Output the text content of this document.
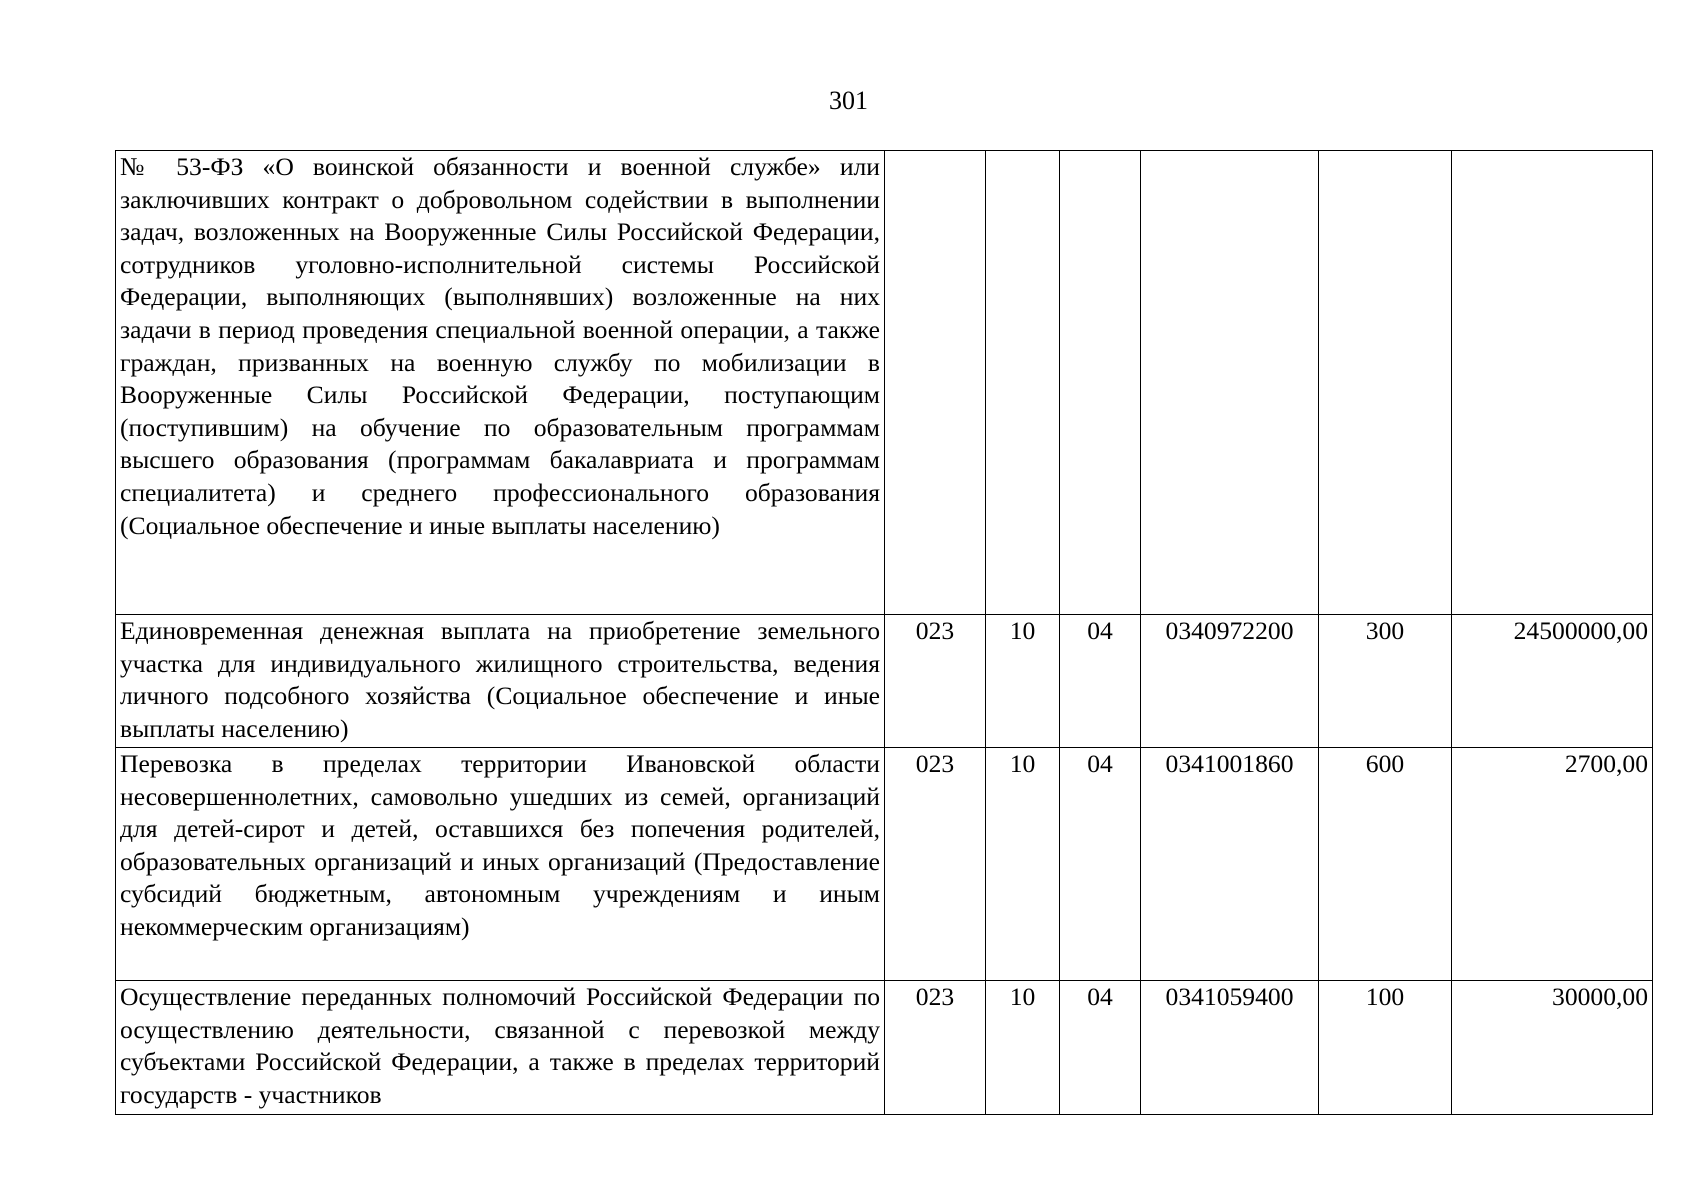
301
№ 53-ФЗ «О воинской обязанности и военной службе» или заключивших контракт о добровольном содействии в выполнении задач, возложенных на Вооруженные Силы Российской Федерации, сотрудников уголовно-исполнительной системы Российской Федерации, выполняющих (выполнявших) возложенные на них задачи в период проведения специальной военной операции, а также граждан, призванных на военную службу по мобилизации в Вооруженные Силы Российской Федерации, поступающим (поступившим) на обучение по образовательным программам высшего образования (программам бакалавриата и программам специалитета) и среднего профессионального образования (Социальное обеспечение и иные выплаты населению)						
Единовременная денежная выплата на приобретение земельного участка для индивидуального жилищного строительства, ведения личного подсобного хозяйства (Социальное обеспечение и иные выплаты населению)	023	10	04	0340972200	300	24500000,00
Перевозка в пределах территории Ивановской области несовершеннолетних, самовольно ушедших из семей, организаций для детей-сирот и детей, оставшихся без попечения родителей, образовательных организаций и иных организаций (Предоставление субсидий бюджетным, автономным учреждениям и иным некоммерческим организациям)	023	10	04	0341001860	600	2700,00
Осуществление переданных полномочий Российской Федерации по осуществлению деятельности, связанной с перевозкой между субъектами Российской Федерации, а также в пределах территорий государств - участников	023	10	04	0341059400	100	30000,00
